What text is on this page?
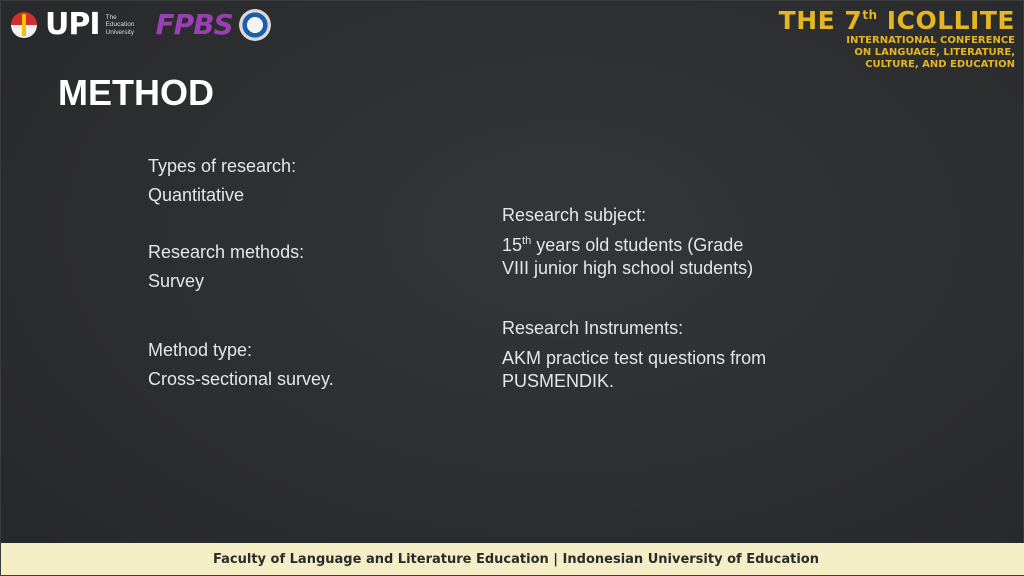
UPI The
Education
University FPBS	THE 7th ICOLLITE
INTERNATIONAL CONFERENCE
ON LANGUAGE, LITERATURE,
CULTURE, AND EDUCATION
METHOD
Types of research:
Quantitative
Research methods:
Survey
Method type:
Cross-sectional survey.
Research subject:
15th years old students (Grade
VIII junior high school students)
Research Instruments:
AKM practice test questions from
PUSMENDIK.
Faculty of Language and Literature Education | Indonesian University of Education
